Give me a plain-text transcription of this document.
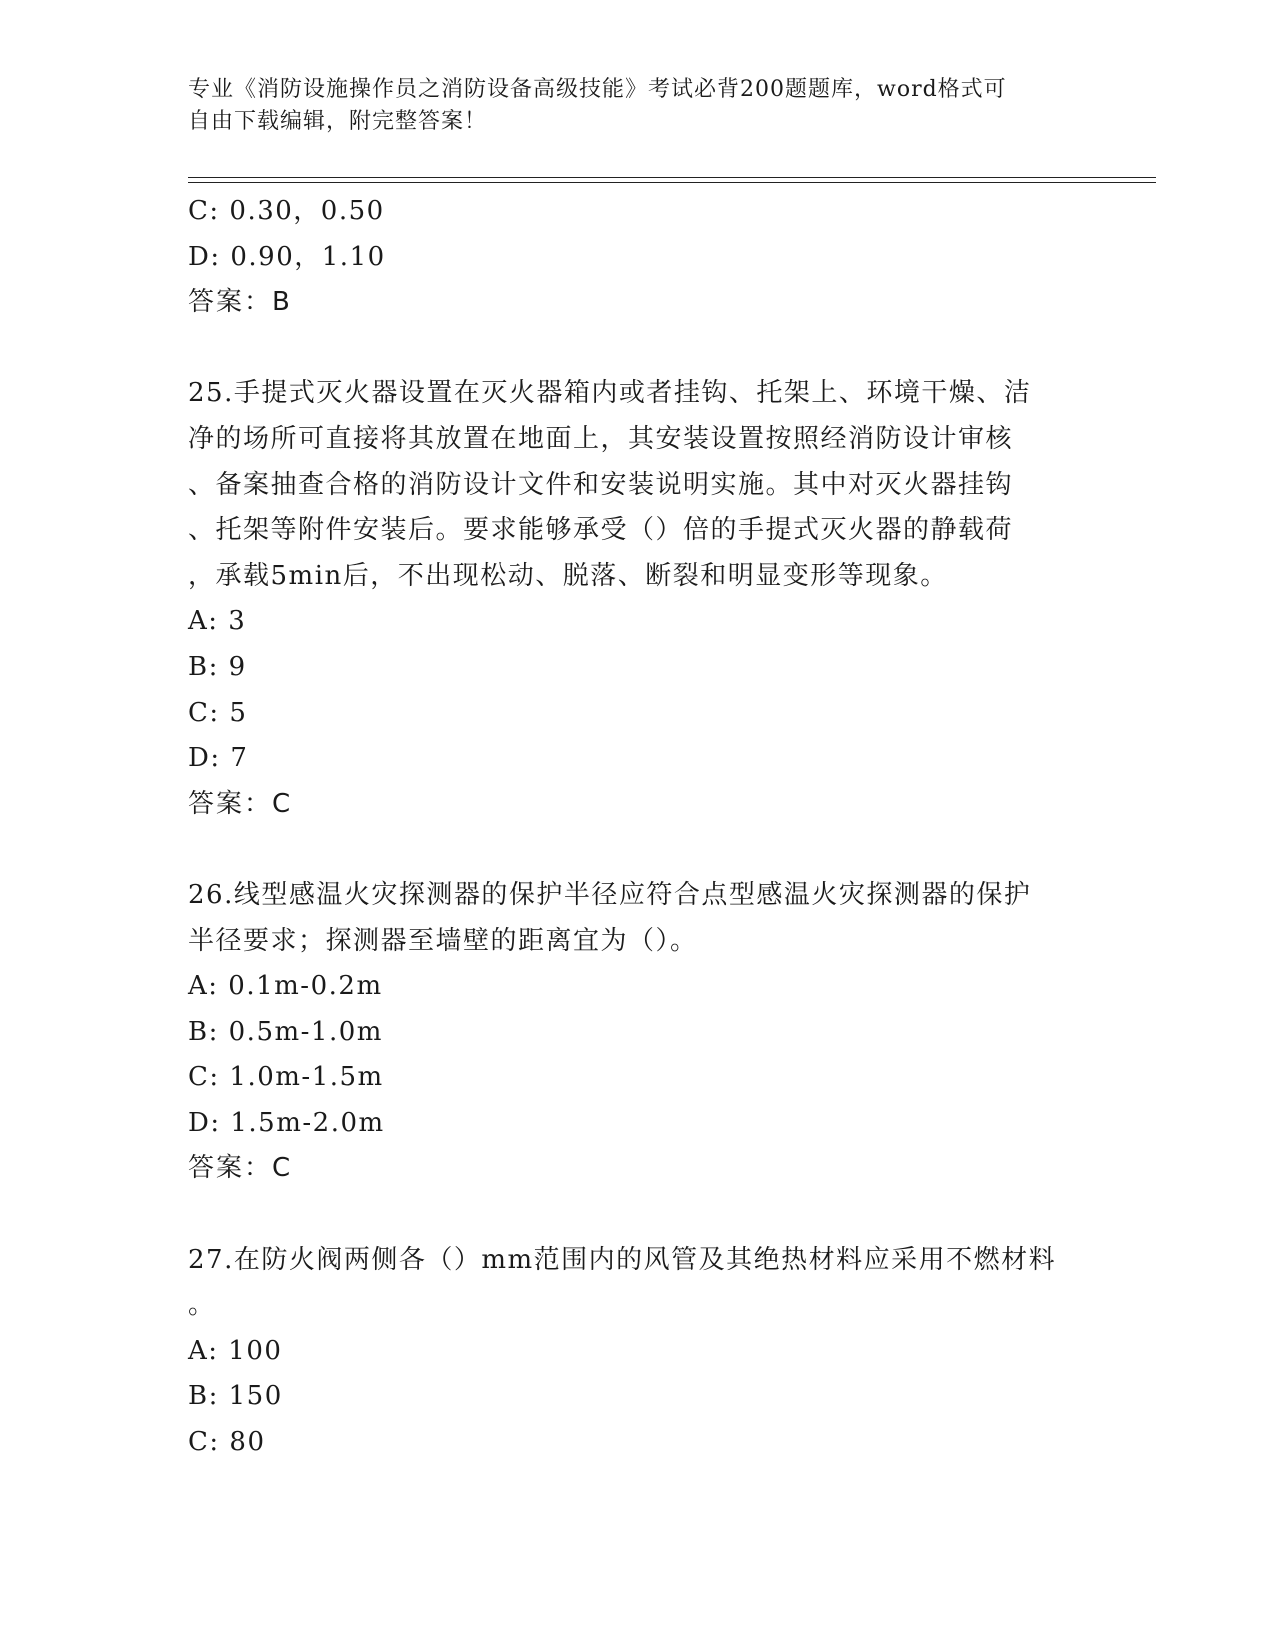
专业《消防设施操作员之消防设备高级技能》考试必背200题题库，word格式可
自由下载编辑，附完整答案！
C: 0.30，0.50
D: 0.90，1.10
答案：B
25.手提式灭火器设置在灭火器箱内或者挂钩、托架上、环境干燥、洁
净的场所可直接将其放置在地面上，其安装设置按照经消防设计审核
、备案抽查合格的消防设计文件和安装说明实施。其中对灭火器挂钩
、托架等附件安装后。要求能够承受（）倍的手提式灭火器的静载荷
，承载5min后，不出现松动、脱落、断裂和明显变形等现象。
A: 3
B: 9
C: 5
D: 7
答案：C
26.线型感温火灾探测器的保护半径应符合点型感温火灾探测器的保护
半径要求；探测器至墙壁的距离宜为（）。
A: 0.1m-0.2m
B: 0.5m-1.0m
C: 1.0m-1.5m
D: 1.5m-2.0m
答案：C
27.在防火阀两侧各（）mm范围内的风管及其绝热材料应采用不燃材料
。
A: 100
B: 150
C: 80
